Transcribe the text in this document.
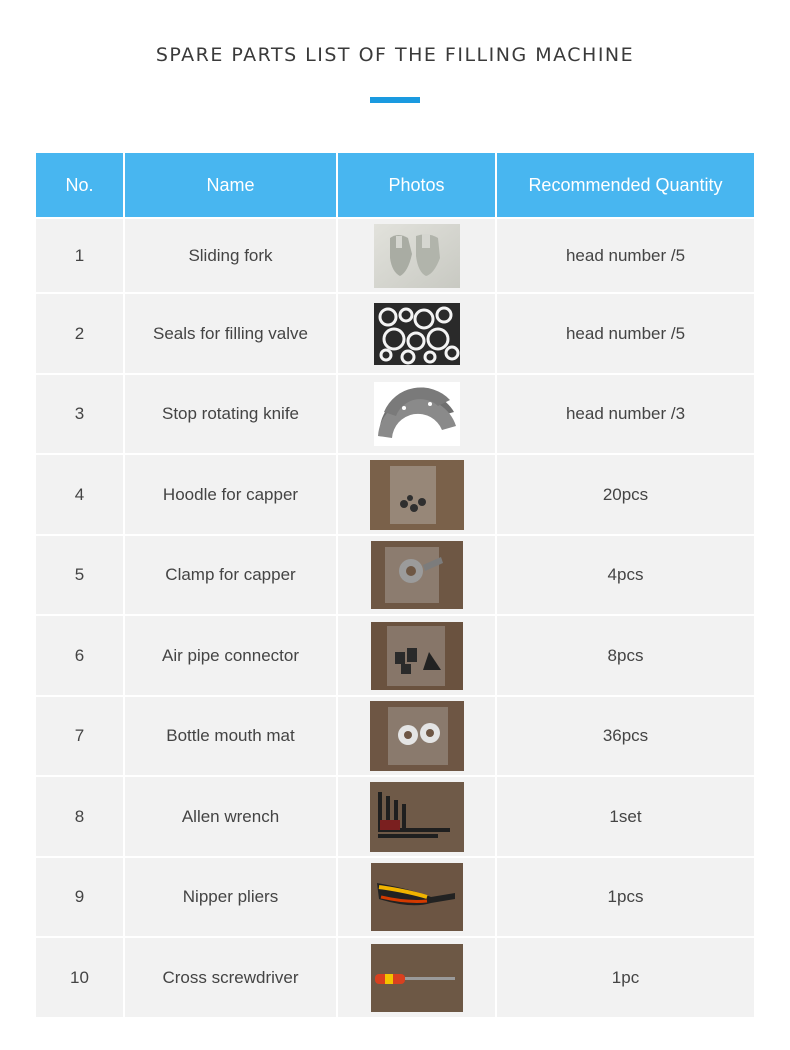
SPARE PARTS LIST OF THE FILLING MACHINE
No.	Name	Photos	Recommended Quantity
1	Sliding fork	head number /5
2	Seals for filling valve	head number /5
3	Stop rotating knife	head number /3
4	Hoodle for capper	20pcs
5	Clamp for capper	4pcs
6	Air pipe connector	8pcs
7	Bottle mouth mat	36pcs
8	Allen wrench	1set
9	Nipper pliers	1pcs
10	Cross screwdriver	1pc
